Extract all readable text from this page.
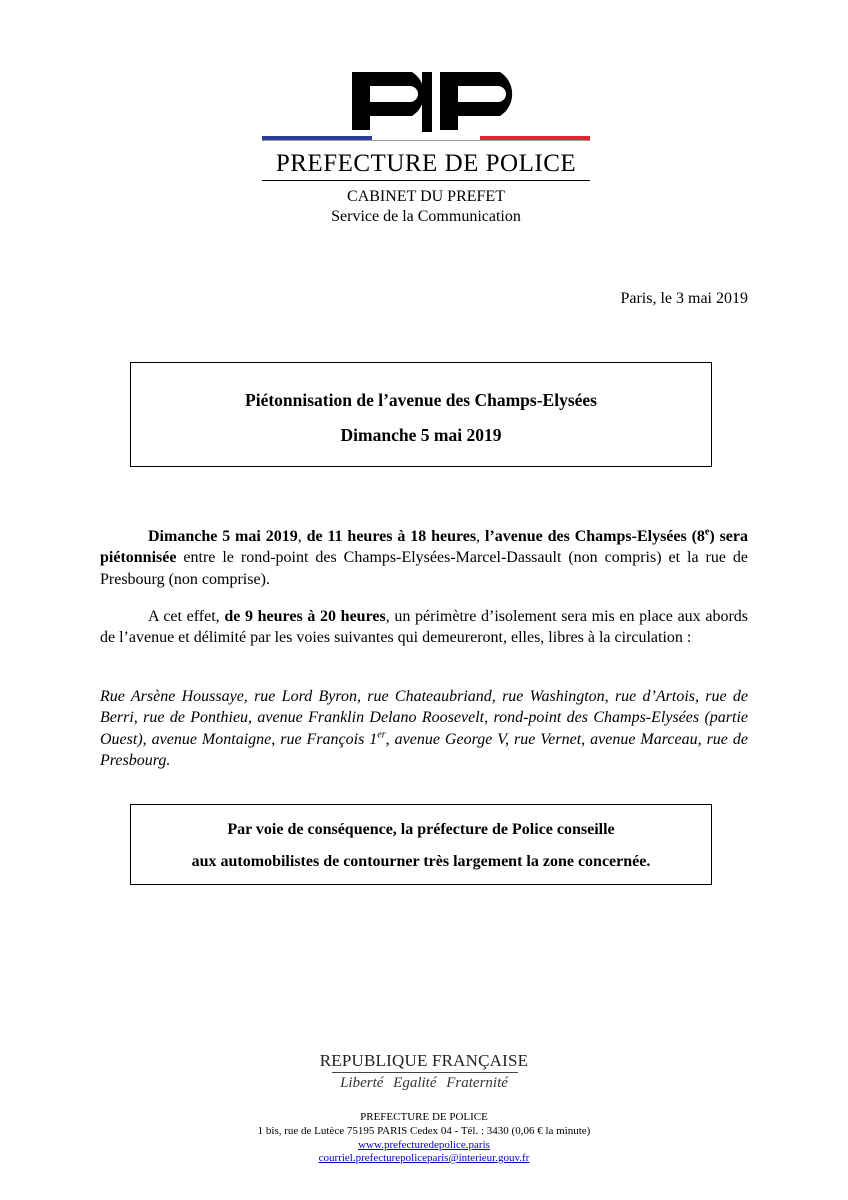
PREFECTURE DE POLICE
CABINET DU PREFET
Service de la Communication
Paris, le 3 mai 2019
Piétonnisation de l’avenue des Champs-Elysées
Dimanche 5 mai 2019
Dimanche 5 mai 2019, de 11 heures à 18 heures, l’avenue des Champs-Elysées (8e) sera piétonnisée entre le rond-point des Champs-Elysées-Marcel-Dassault (non compris) et la rue de Presbourg (non comprise).
A cet effet, de 9 heures à 20 heures, un périmètre d’isolement sera mis en place aux abords de l’avenue et délimité par les voies suivantes qui demeureront, elles, libres à la circulation :
Rue Arsène Houssaye, rue Lord Byron, rue Chateaubriand, rue Washington, rue d’Artois, rue de Berri, rue de Ponthieu, avenue Franklin Delano Roosevelt, rond-point des Champs-Elysées (partie Ouest), avenue Montaigne, rue François 1er, avenue George V, rue Vernet, avenue Marceau, rue de Presbourg.
Par voie de conséquence, la préfecture de Police conseille
aux automobilistes de contourner très largement la zone concernée.
REPUBLIQUE FRANÇAISE
Liberté Egalité Fraternité
PREFECTURE DE POLICE
1 bis, rue de Lutèce 75195 PARIS Cedex 04 - Tél. : 3430 (0,06 € la minute)
www.prefecturedepolice.paris
courriel.prefecturepoliceparis@interieur.gouv.fr
